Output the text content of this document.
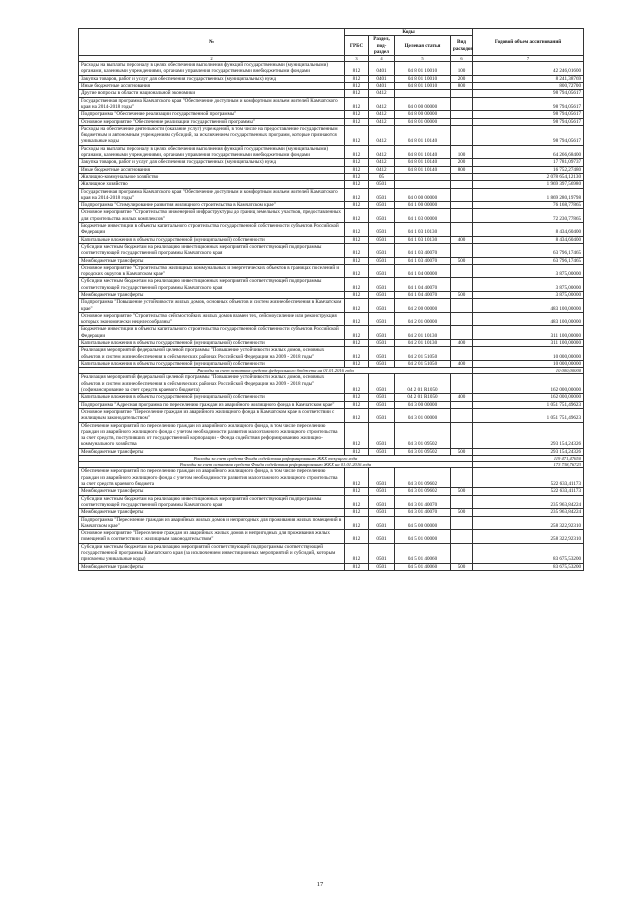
№	Коды				Годовой объем ассигнований
	ГРБС	Раздел, под-раздел	Целевая статья	Вид расходов	
2	3	4	5	6	7
Расходы на выплаты персоналу в целях обеспечения выполнения функций государственными (муниципальными) органами, казенными учреждениями, органами управления государственными внебюджетными фондами	812	0401	04 8 01 10010	100	42 246,01600
Закупка товаров, работ и услуг для обеспечения государственных (муниципальных) нужд	812	0401	04 8 01 10010	200	8 241,38769
Иные бюджетные ассигнования	812	0401	04 8 01 10010	800	800,72700
Другие вопросы в области национальной экономики	812	0412			98 794,05617
Государственная программа Камчатского края "Обеспечение доступным и комфортным жильем жителей Камчатского края на 2014-2018 годы"	812	0412	04 0 00 00000		98 794,05617
Подпрограмма "Обеспечение реализации государственной программы"	812	0412	04 8 00 00000		98 794,05617
Основное мероприятие "Обеспечение реализации государственной программы"	812	0412	04 8 01 00000		98 794,05617
Расходы на обеспечение деятельности (оказание услуг) учреждений, в том числе на предоставление государственным бюджетным и автономным учреждениям субсидий, за исключением государственных программ, которые признаются уникальные коды	812	0412	04 8 01 10140		98 794,05617
Расходы на выплаты персоналу в целях обеспечения выполнения функций государственными (муниципальными) органами, казенными учреждениями, органами управления государственными внебюджетными фондами	812	0412	04 8 01 10140	100	64 266,68400
Закупка товаров, работ и услуг для обеспечения государственных (муниципальных) нужд	812	0412	04 8 01 10140	200	17 781,09737
Иные бюджетные ассигнования	812	0412	04 8 01 10140	800	16 752,27480
Жилищно-коммунальное хозяйство	812	05			2 078 654,12130
Жилищное хозяйство	812	0501			1 969 397,56980
Государственная программа Камчатского края "Обеспечение доступным и комфортным жильем жителей Камчатского края на 2014-2018 годы"	812	0501	04 0 00 00000		1 869 280,19798
Подпрограмма "Стимулирование развития жилищного строительства в Камчатском крае"	812	0501	04 1 00 00000		76 168,77865
Основное мероприятие "Строительство инженерной инфраструктуры до границ земельных участков, предоставленных для строительства жилых комплексов"	812	0501	04 1 03 00000		72 230,77865
Бюджетные инвестиции в объекты капитального строительства государственной собственности субъектов Российской Федерации	812	0501	04 1 03 10130		8 434,60400
Капитальные вложения в объекты государственной (муниципальной) собственности	812	0501	04 1 03 10130	400	8 434,60400
Субсидии местным бюджетам на реализацию инвестиционных мероприятий соответствующей подпрограммы соответствующей государственной программы Камчатского края	812	0501	04 1 03 40070		63 796,17465
Межбюджетные трансферты	812	0501	04 1 03 40070	500	63 796,17465
Основное мероприятие "Строительство жилищных коммунальных и энергетических объектов в границах поселений и городских округов в Камчатском крае"	812	0501	04 1 04 00000		3 875,00000
Субсидии местным бюджетам на реализацию инвестиционных мероприятий соответствующей подпрограммы соответствующей государственной программы Камчатского края	812	0501	04 1 04 40070		3 875,00000
Межбюджетные трансферты	812	0501	04 1 04 40070	500	3 875,00000
Подпрограмма "Повышение устойчивости жилых домов, основных объектов и систем жизнеобеспечения в Камчатском крае"	812	0501	04 2 00 00000		483 100,00000
Основное мероприятие "Строительство сейсмостойких жилых домов взамен тех, сейсмоусиление или реконструкция которых экономически нецелесообразны"	812	0501	04 2 01 00000		483 100,00000
Бюджетные инвестиции в объекты капитального строительства государственной собственности субъектов Российской Федерации	812	0501	04 2 01 10130		311 100,00000
Капитальные вложения в объекты государственной (муниципальной) собственности	812	0501	04 2 01 10130	400	311 100,00000
Реализация мероприятий федеральной целевой программы "Повышение устойчивости жилых домов, основных объектов и систем жизнеобеспечения в сейсмических районах Российской Федерации на 2009 - 2018 годы"	812	0501	04 2 01 51050		10 000,00000
Капитальные вложения в объекты государственной (муниципальной) собственности	812	0501	04 2 01 51050	400	10 000,00000
Расходы за счет остатков средств федерального бюджета на 01.01.2016 года					10 000,00000
Реализация мероприятий федеральной целевой программы "Повышение устойчивости жилых домов, основных объектов и систем жизнеобеспечения в сейсмических районах Российской Федерации на 2009 - 2018 годы" (софинансирование за счет средств краевого бюджета)	812	0501	04 2 01 R1050		162 000,00000
Капитальные вложения в объекты государственной (муниципальной) собственности	812	0501	04 2 01 R1050	400	162 000,00000
Подпрограмма "Адресная программа по переселению граждан из аварийного жилищного фонда в Камчатском крае"	812	0501	04 3 00 00000		1 051 751,49623
Основное мероприятие "Переселение граждан из аварийного жилищного фонда в Камчатском крае в соответствии с жилищным законодательством"	812	0501	04 3 01 00000		1 051 751,49623
Обеспечение мероприятий по переселению граждан из аварийного жилищного фонда, в том числе переселению граждан из аварийного жилищного фонда с учетом необходимости развития малоэтажного жилищного строительства за счет средств, поступивших от государственной корпорации - Фонда содействия реформированию жилищно-коммунального хозяйства	812	0501	04 3 01 09502		293 154,24326
Межбюджетные трансферты	812	0501	04 3 01 09502	500	293 154,24326
Расходы за счет средств Фонда содействия реформированию ЖКХ текущего года					119 471,47650
Расходы за счет остатков средств Фонда содействия реформированию ЖКХ на 01.01.2016 года					173 738,76723
Обеспечение мероприятий по переселению граждан из аварийного жилищного фонда, в том числе переселению граждан из аварийного жилищного фонда с учетом необходимости развития малоэтажного жилищного строительства за счет средств краевого бюджета	812	0501	04 3 01 09602		522 633,41173
Межбюджетные трансферты	812	0501	04 3 01 09602	500	522 633,41173
Субсидии местным бюджетам на реализацию инвестиционных мероприятий соответствующей подпрограммы соответствующей государственной программы Камчатского края	812	0501	04 3 01 40070		235 963,84224
Межбюджетные трансферты	812	0501	04 3 01 40070	500	235 963,84224
Подпрограмма "Переселение граждан из аварийных жилых домов и непригодных для проживания жилых помещений в Камчатском крае"	812	0501	04 5 00 00000		258 322,92310
Основное мероприятие "Переселение граждан из аварийных жилых домов и непригодных для проживания жилых помещений в соответствии с жилищным законодательством"	812	0501	04 5 01 00000		258 322,92310
Субсидии местным бюджетам на реализацию мероприятий соответствующей подпрограммы соответствующей государственной программы Камчатского края (за исключением инвестиционных мероприятий и субсидий, которым присвоены уникальные коды)	812	0501	04 5 01 40060		83 675,53200
Межбюджетные трансферты	812	0501	04 5 01 40060	500	83 675,53200
17
